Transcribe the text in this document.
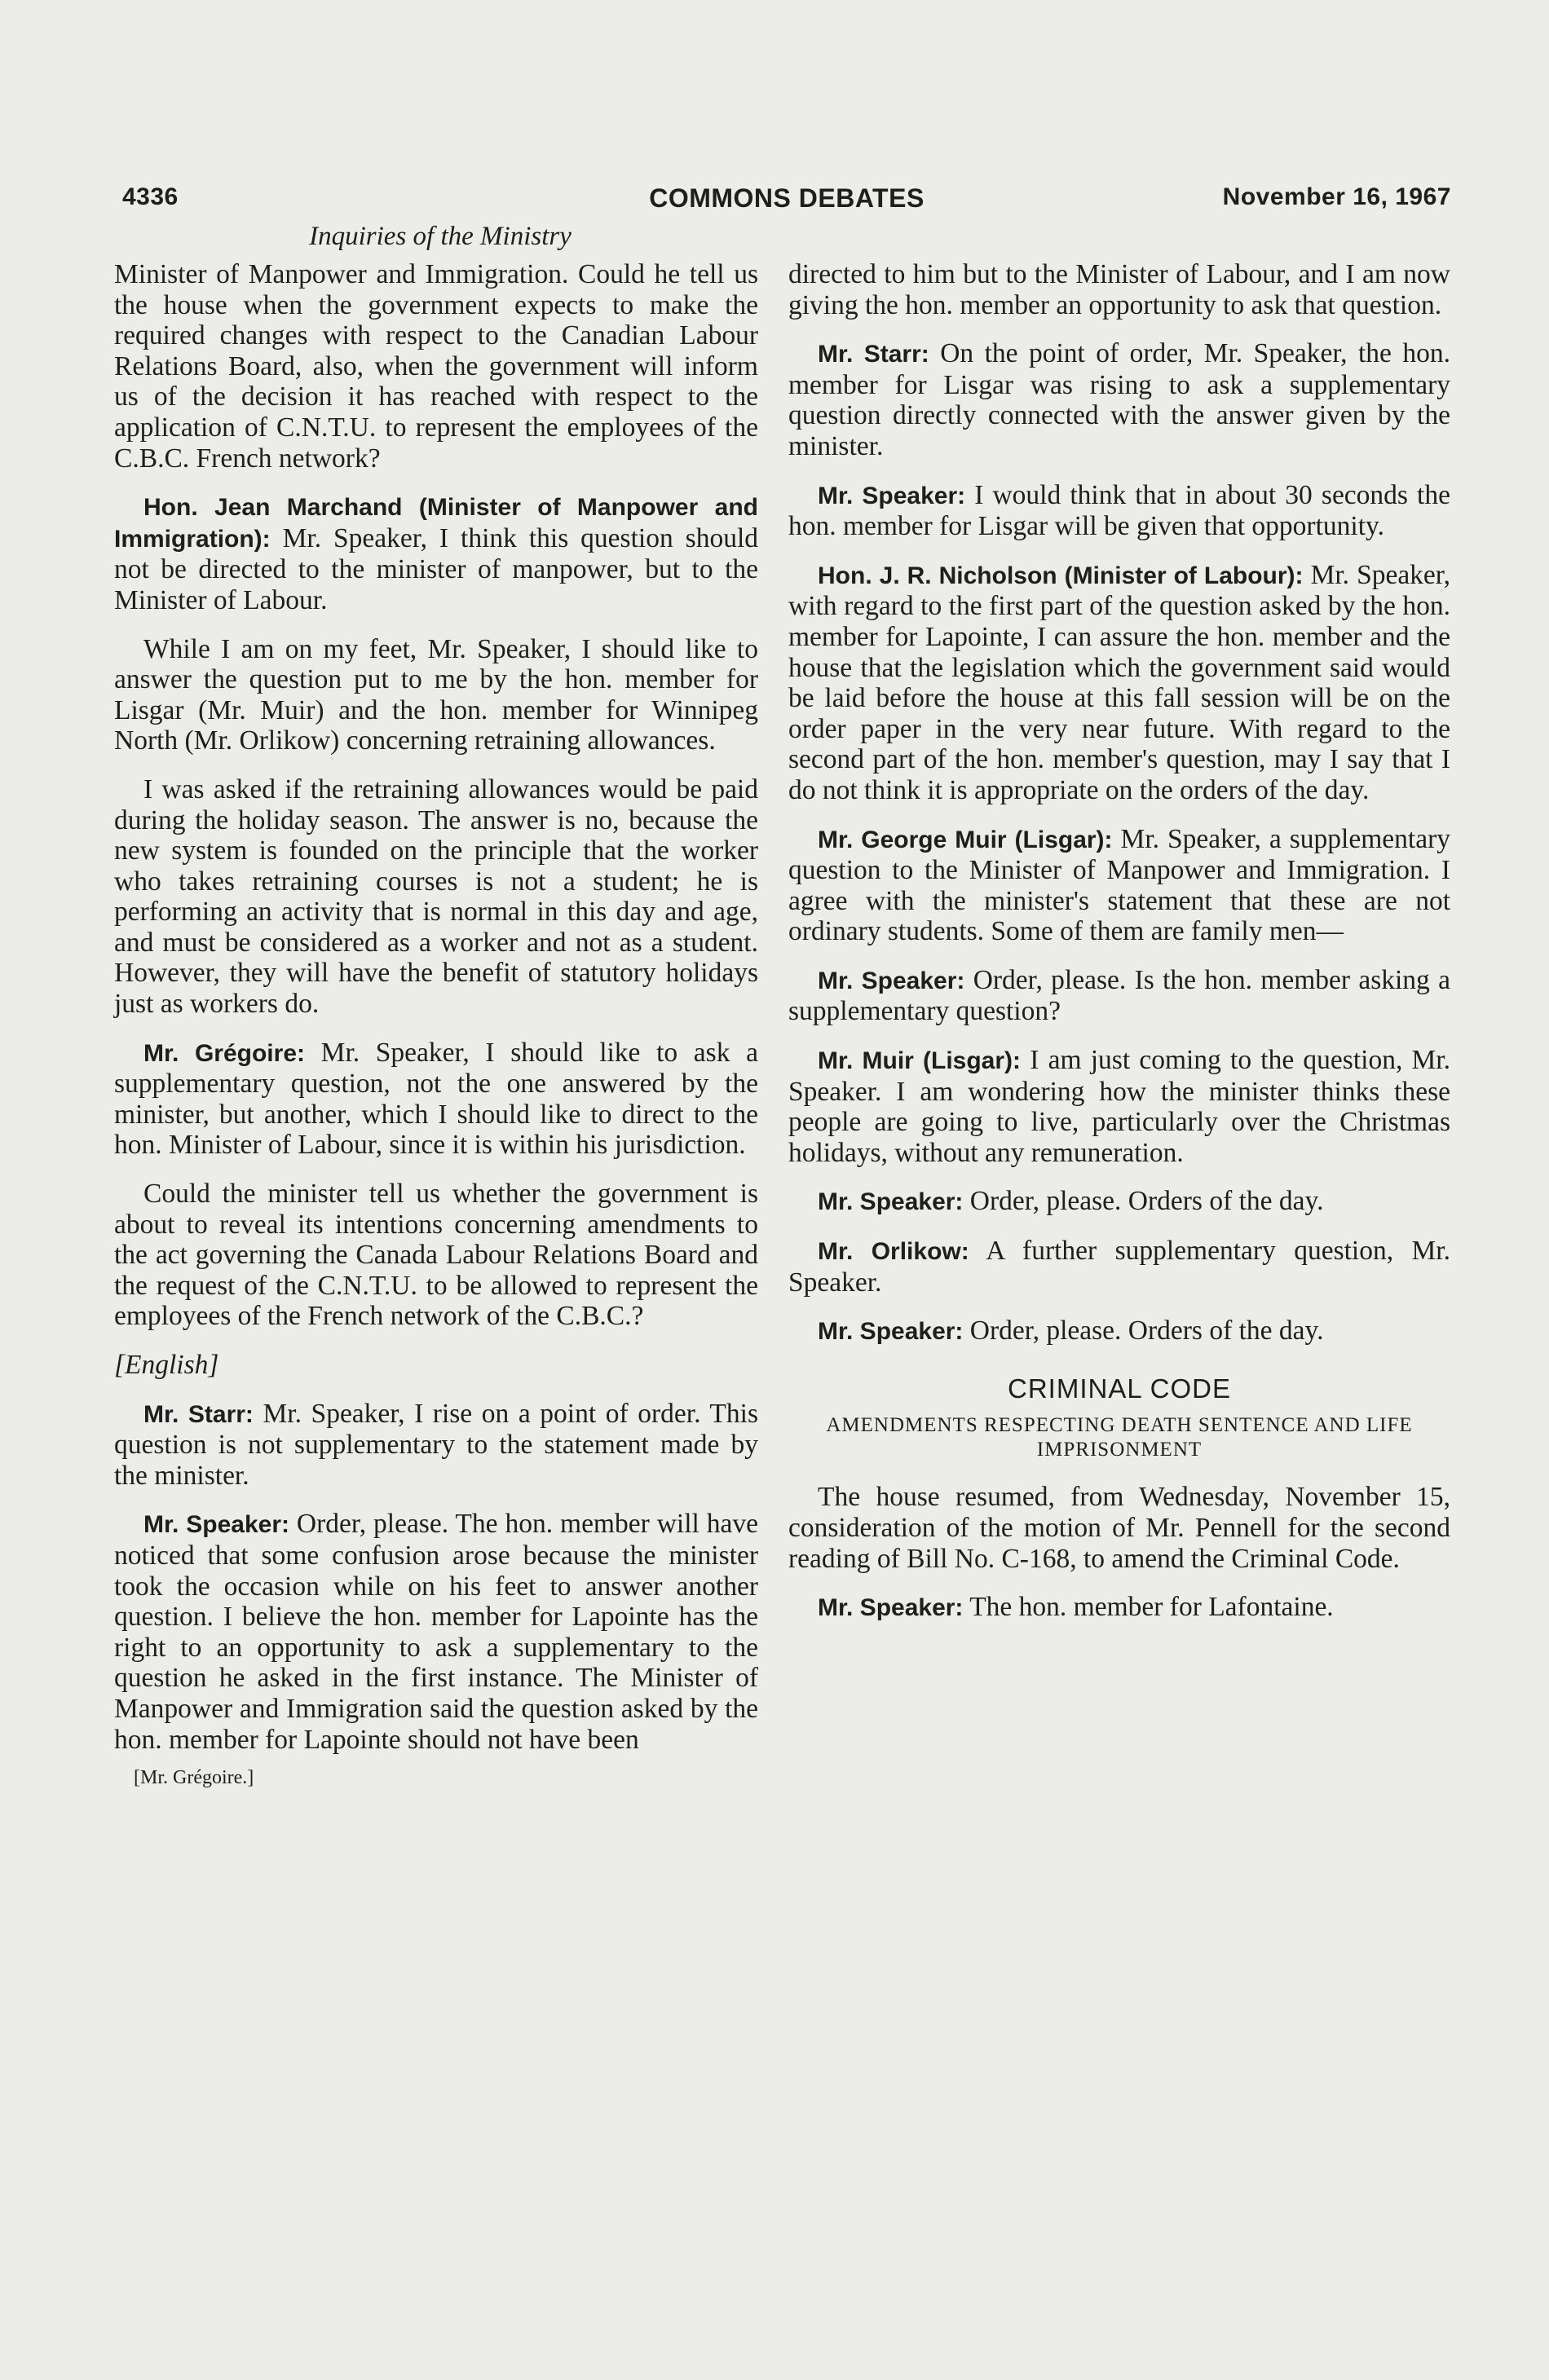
4336	COMMONS DEBATES	November 16, 1967
Inquiries of the Ministry

Minister of Manpower and Immigration. Could he tell us the house when the government expects to make the required changes with respect to the Canadian Labour Relations Board, also, when the government will inform us of the decision it has reached with respect to the application of C.N.T.U. to represent the employees of the C.B.C. French network?

Hon. Jean Marchand (Minister of Manpower and Immigration): Mr. Speaker, I think this question should not be directed to the minister of manpower, but to the Minister of Labour.

While I am on my feet, Mr. Speaker, I should like to answer the question put to me by the hon. member for Lisgar (Mr. Muir) and the hon. member for Winnipeg North (Mr. Orlikow) concerning retraining allowances.

I was asked if the retraining allowances would be paid during the holiday season. The answer is no, because the new system is founded on the principle that the worker who takes retraining courses is not a student; he is performing an activity that is normal in this day and age, and must be considered as a worker and not as a student. However, they will have the benefit of statutory holidays just as workers do.

Mr. Grégoire: Mr. Speaker, I should like to ask a supplementary question, not the one answered by the minister, but another, which I should like to direct to the hon. Minister of Labour, since it is within his jurisdiction.

Could the minister tell us whether the government is about to reveal its intentions concerning amendments to the act governing the Canada Labour Relations Board and the request of the C.N.T.U. to be allowed to represent the employees of the French network of the C.B.C.?

[English]

Mr. Starr: Mr. Speaker, I rise on a point of order. This question is not supplementary to the statement made by the minister.

Mr. Speaker: Order, please. The hon. member will have noticed that some confusion arose because the minister took the occasion while on his feet to answer another question. I believe the hon. member for Lapointe has the right to an opportunity to ask a supplementary to the question he asked in the first instance. The Minister of Manpower and Immigration said the question asked by the hon. member for Lapointe should not have been

[Mr. Grégoire.]

directed to him but to the Minister of Labour, and I am now giving the hon. member an opportunity to ask that question.

Mr. Starr: On the point of order, Mr. Speaker, the hon. member for Lisgar was rising to ask a supplementary question directly connected with the answer given by the minister.

Mr. Speaker: I would think that in about 30 seconds the hon. member for Lisgar will be given that opportunity.

Hon. J. R. Nicholson (Minister of Labour): Mr. Speaker, with regard to the first part of the question asked by the hon. member for Lapointe, I can assure the hon. member and the house that the legislation which the government said would be laid before the house at this fall session will be on the order paper in the very near future. With regard to the second part of the hon. member's question, may I say that I do not think it is appropriate on the orders of the day.

Mr. George Muir (Lisgar): Mr. Speaker, a supplementary question to the Minister of Manpower and Immigration. I agree with the minister's statement that these are not ordinary students. Some of them are family men—

Mr. Speaker: Order, please. Is the hon. member asking a supplementary question?

Mr. Muir (Lisgar): I am just coming to the question, Mr. Speaker. I am wondering how the minister thinks these people are going to live, particularly over the Christmas holidays, without any remuneration.

Mr. Speaker: Order, please. Orders of the day.

Mr. Orlikow: A further supplementary question, Mr. Speaker.

Mr. Speaker: Order, please. Orders of the day.

CRIMINAL CODE
AMENDMENTS RESPECTING DEATH SENTENCE AND LIFE IMPRISONMENT

The house resumed, from Wednesday, November 15, consideration of the motion of Mr. Pennell for the second reading of Bill No. C-168, to amend the Criminal Code.

Mr. Speaker: The hon. member for Lafontaine.
